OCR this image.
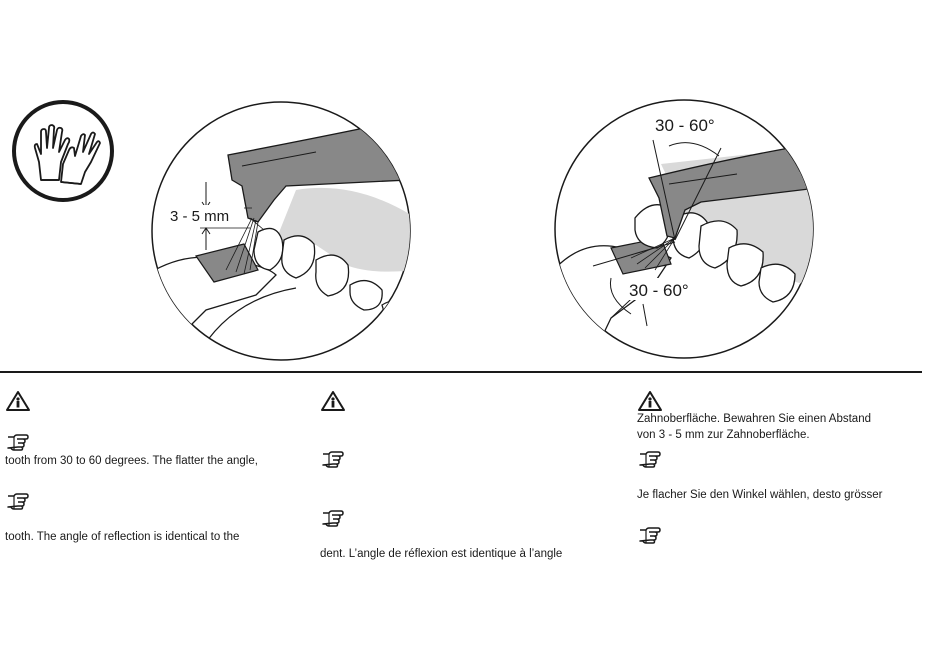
3 - 5 mm
30 - 60°
30 - 60°
tooth from 30 to 60 degrees. The flatter the angle,
tooth. The angle of reflection is identical to the
dent. L’angle de réflexion est identique à l’angle
Zahnoberfläche. Bewahren Sie einen Abstand
von 3 - 5 mm zur Zahnoberfläche.
Je flacher Sie den Winkel wählen, desto grösser
